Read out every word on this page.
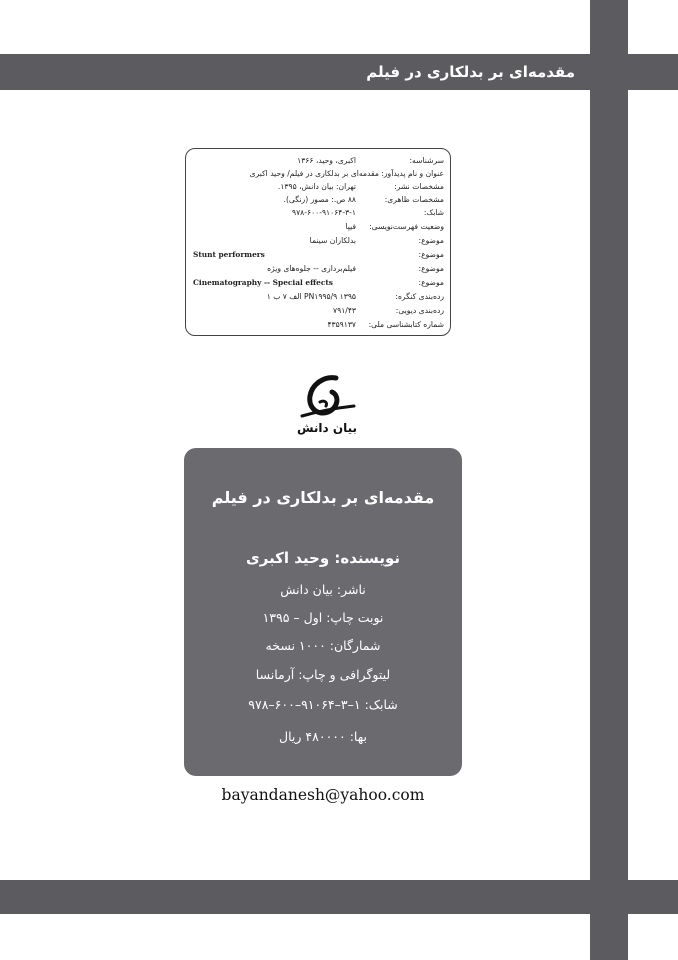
مقدمه‌ای بر بدلکاری در فیلم
سرشناسه:
اکبری، وحید، ۱۳۶۶
عنوان و نام پدیدآور: مقدمه‌ای بر بدلکاری در فیلم/ وحید اکبری
مشخصات نشر:
تهران: بیان دانش، ۱۳۹۵.
مشخصات ظاهری:
۸۸ ص.: مصور (رنگی).
شابک:
۹۷۸-۶۰۰-۹۱۰۶۴-۳-۱
وضعیت فهرست‌نویسی:
فیپا
موضوع:
بدلکاران سینما
موضوع:
Stunt performers
موضوع:
فیلم‌برداری -- جلوه‌های ویژه
موضوع:
Cinematography -- Special effects
رده‌بندی کنگره:
۱۳۹۵ ۹/PN۱۹۹۵ الف ۷ ب ۱
رده‌بندی دیویی:
۷۹۱/۴۳
شماره کتابشناسی ملی:
۴۳۵۹۱۳۷
بیان دانش
مقدمه‌ای بر بدلکاری در فیلم
نویسنده: وحید اکبری
ناشر: بیان دانش
نوبت چاپ: اول – ۱۳۹۵
شمارگان: ۱۰۰۰ نسخه
لیتوگرافی و چاپ: آرمانسا
شابک: ۱–۳–۹۱۰۶۴–۶۰۰–۹۷۸
بها: ۴۸۰۰۰۰ ریال
bayandanesh@yahoo.com
